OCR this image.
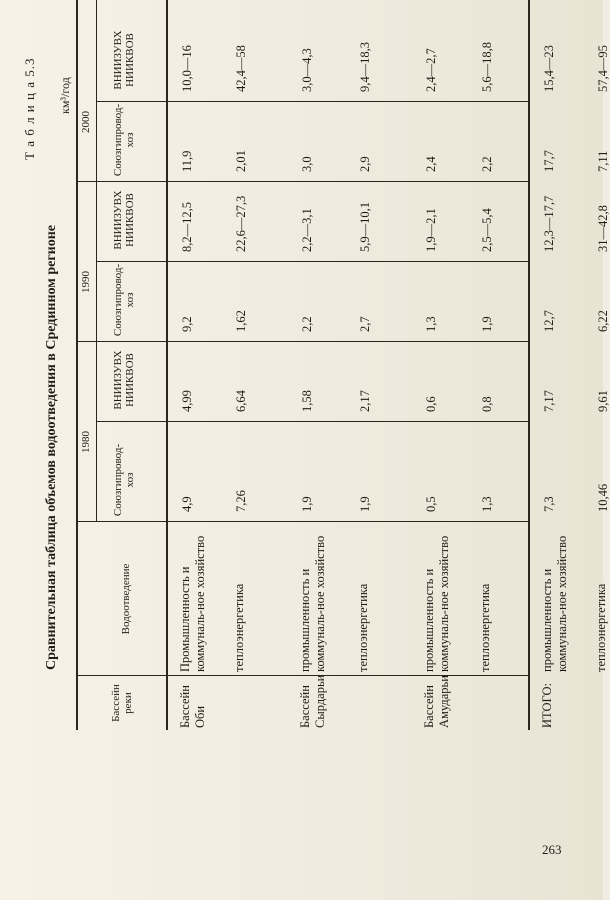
Т а б л и ц а 5.3
Сравнительная таблица объемов водоотведения в Срединном регионе
км³/год
Бассейн реки
Водоотведение
1980
1990
2000
Союзгипровод-хоз
ВНИИЗУВХ НИИКВОВ
Союзгипровод-хоз
ВНИИЗУВХ НИИКВОВ
Союзгипровод-хоз
ВНИИЗУВХ НИИКВОВ
Бассейн Оби
Промышленность и коммуналь-ное хозяйство
4,9
4,99
9,2
8,2—12,5
11,9
10,0—16
теплоэнергетика
7,26
6,64
1,62
22,6—27,3
2,01
42,4—58
Бассейн Сырдарьи
промышленность и коммуналь-ное хозяйство
1,9
1,58
2,2
2,2—3,1
3,0
3,0—4,3
теплоэнергетика
1,9
2,17
2,7
5,9—10,1
2,9
9,4—18,3
Бассейн Амударьи
промышленность и коммуналь-ное хозяйство
0,5
0,6
1,3
1,9—2,1
2,4
2,4—2,7
теплоэнергетика
1,3
0,8
1,9
2,5—5,4
2,2
5,6—18,8
ИТОГО:
промышленность и коммуналь-ное хозяйство
7,3
7,17
12,7
12,3—17,7
17,7
15,4—23
теплоэнергетика
10,46
9,61
6,22
31—42,8
7,11
57,4—95
263
